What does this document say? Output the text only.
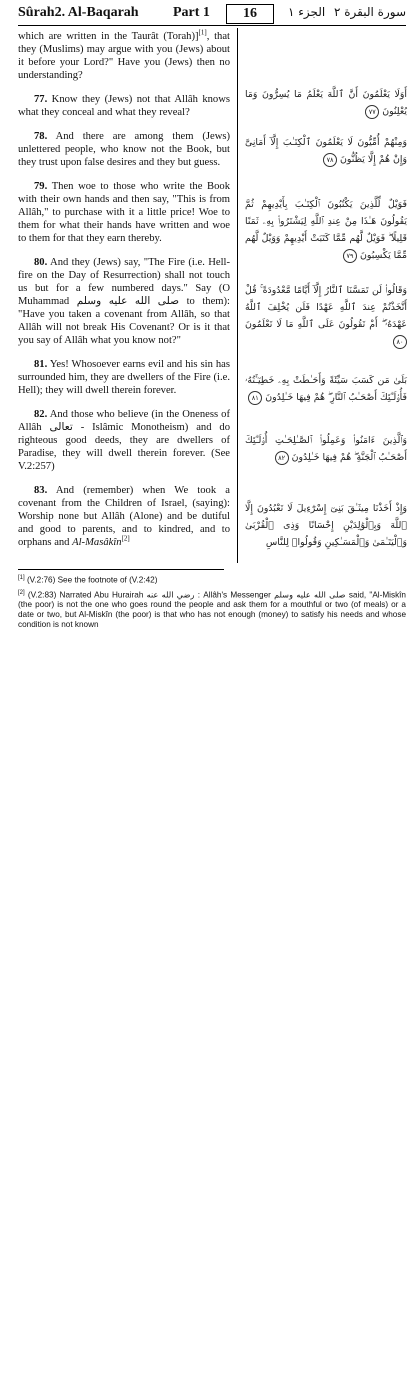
Sûrah2. Al-Baqarah Part 1	16	الجزء ١ سورة البقرة ٢

which are written in the Taurât (Torah)][1], that they (Muslims) may argue with you (Jews) about it before your Lord?" Have you (Jews) then no understanding?

77. Know they (Jews) not that Allâh knows what they conceal and what they reveal?

78. And there are among them (Jews) unlettered people, who know not the Book, but they trust upon false desires and they but guess.

79. Then woe to those who write the Book with their own hands and then say, "This is from Allâh," to purchase with it a little price! Woe to them for what their hands have written and woe to them for that they earn thereby.

80. And they (Jews) say, "The Fire (i.e. Hell-fire on the Day of Resurrection) shall not touch us but for a few numbered days." Say (O Muhammad صلى الله عليه وسلم to them): "Have you taken a covenant from Allâh, so that Allâh will not break His Covenant? Or is it that you say of Allâh what you know not?"

81. Yes! Whosoever earns evil and his sin has surrounded him, they are dwellers of the Fire (i.e. Hell); they will dwell therein forever.

82. And those who believe (in the Oneness of Allâh تعالى - Islâmic Monotheism) and do righteous good deeds, they are dwellers of Paradise, they will dwell therein forever. (See V.2:257)

83. And (remember) when We took a covenant from the Children of Israel, (saying): Worship none but Allâh (Alone) and be dutiful and good to parents, and to kindred, and to orphans and Al-Masâkîn[2]

أَوَلَا يَعْلَمُونَ أَنَّ ٱللَّهَ يَعْلَمُ مَا يُسِرُّونَ وَمَا يُعْلِنُونَ ٧٧
وَمِنْهُمْ أُمِّيُّونَ لَا يَعْلَمُونَ ٱلْكِتَـٰبَ إِلَّآ أَمَانِىَّ وَإِنْ هُمْ إِلَّا يَظُنُّونَ ٧٨
فَوَيْلٌ لِّلَّذِينَ يَكْتُبُونَ ٱلْكِتَـٰبَ بِأَيْدِيهِمْ ثُمَّ يَقُولُونَ هَـٰذَا مِنْ عِندِ ٱللَّهِ لِيَشْتَرُوا۟ بِهِۦ ثَمَنًا قَلِيلًا ۖ فَوَيْلٌ لَّهُم مِّمَّا كَتَبَتْ أَيْدِيهِمْ وَوَيْلٌ لَّهُم مِّمَّا يَكْسِبُونَ ٧٩
وَقَالُوا۟ لَن تَمَسَّنَا ٱلنَّارُ إِلَّآ أَيَّامًا مَّعْدُودَةً ۚ قُلْ أَتَّخَذْتُمْ عِندَ ٱللَّهِ عَهْدًا فَلَن يُخْلِفَ ٱللَّهُ عَهْدَهُۥٓ ۖ أَمْ تَقُولُونَ عَلَى ٱللَّهِ مَا لَا تَعْلَمُونَ ٨٠
بَلَىٰ مَن كَسَبَ سَيِّئَةً وَأَحَـٰطَتْ بِهِۦ خَطِيٓـَٔتُهُۥ فَأُو۟لَـٰٓئِكَ أَصْحَـٰبُ ٱلنَّارِ ۖ هُمْ فِيهَا خَـٰلِدُونَ ٨١
وَٱلَّذِينَ ءَامَنُوا۟ وَعَمِلُوا۟ ٱلصَّـٰلِحَـٰتِ أُو۟لَـٰٓئِكَ أَصْحَـٰبُ ٱلْجَنَّةِ ۖ هُمْ فِيهَا خَـٰلِدُونَ ٨٢
وَإِذْ أَخَذْنَا مِيثَـٰقَ بَنِىٓ إِسْرَٰٓءِيلَ لَا تَعْبُدُونَ إِلَّا ٱللَّهَ وَبِٱلْوَٰلِدَيْنِ إِحْسَانًا وَذِى ٱلْقُرْبَىٰ وَٱلْيَتَـٰمَىٰ وَٱلْمَسَـٰكِينِ وَقُولُوا۟ لِلنَّاسِ

[1] (V.2:76) See the footnote of (V.2:42)

[2] (V.2:83) Narrated Abu Hurairah رضي الله عنه : Allâh's Messenger صلى الله عليه وسلم said, "Al-Miskîn (the poor) is not the one who goes round the people and ask them for a mouthful or two (of meals) or a date or two, but Al-Miskîn (the poor) is that who has not enough (money) to satisfy his needs and whose condition is not known
